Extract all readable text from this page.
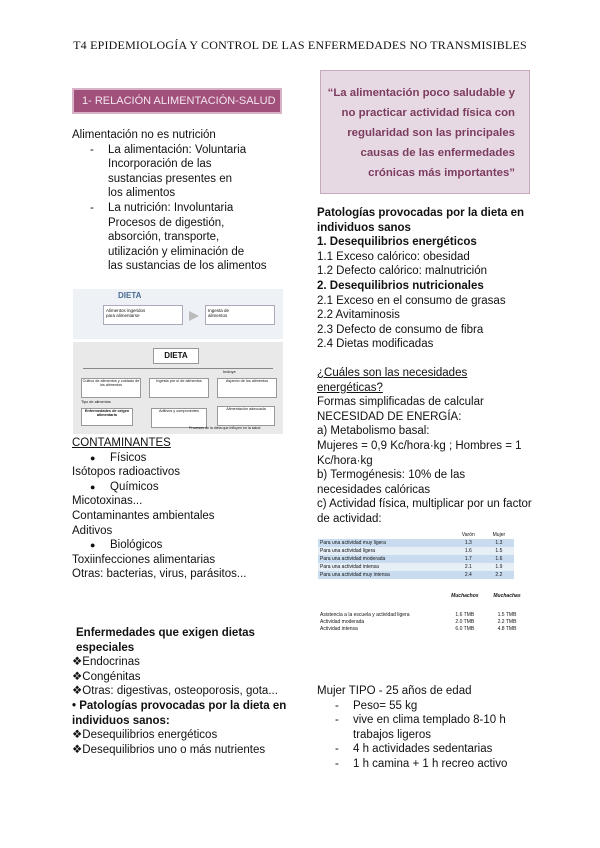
T4 EPIDEMIOLOGÍA Y CONTROL DE LAS ENFERMEDADES NO TRANSMISIBLES
1- RELACIÓN ALIMENTACIÓN-SALUD
Alimentación no es nutrición
- La alimentación: Voluntaria
Incorporación de las
sustancias presentes en
los alimentos
- La nutrición: Involuntaria
Procesos de digestión,
absorción, transporte,
utilización y eliminación de
las sustancias de los alimentos
DIETA
Alimentos ingeridos
para alimentarse
Ingesta de
alimentos
DIETA
Incluye
Cultivo de alimentos y cuidado de los alimentos
Ingesta por sí de alimentos	Aspecto de los alimentos
Tipo de alimentos
Enfermedades de origen alimentario
Aditivos y componentes	Alimentación adecuada
Procesos de la dieta que influyen en la salud
CONTAMINANTES
● Físicos
Isótopos radioactivos
● Químicos
Micotoxinas...
Contaminantes ambientales
Aditivos
● Biológicos
Toxiinfecciones alimentarias
Otras: bacterias, virus, parásitos...
Enfermedades que exigen dietas especiales
❖Endocrinas
❖Congénitas
❖Otras: digestivas, osteoporosis, gota...
• Patologías provocadas por la dieta en individuos sanos:
❖Desequilibrios energéticos
❖Desequilibrios uno o más nutrientes
“La alimentación poco saludable y no practicar actividad física con regularidad son las principales causas de las enfermedades crónicas más importantes”
Patologías provocadas por la dieta en individuos sanos
1. Desequilibrios energéticos
1.1 Exceso calórico: obesidad
1.2 Defecto calórico: malnutrición
2. Desequilibrios nutricionales
2.1 Exceso en el consumo de grasas
2.2 Avitaminosis
2.3 Defecto de consumo de fibra
2.4 Dietas modificadas
¿Cuáles son las necesidades energéticas?
Formas simplificadas de calcular
NECESIDAD DE ENERGÍA:
a) Metabolismo basal:
Mujeres = 0,9 Kc/hora·kg ; Hombres = 1 Kc/hora·kg
b) Termogénesis: 10% de las necesidades calóricas
c) Actividad física, multiplicar por un factor de actividad:
	Varón	Mujer
Para una actividad muy ligera	1.3	1.3
Para una actividad ligera	1.6	1.5
Para una actividad moderada	1.7	1.6
Para una actividad intensa	2.1	1.9
Para una actividad muy intensa	2.4	2.2
	Muchachos	Muchachas

Asistencia a la escuela y actividad ligera	1.6 TMB	1.5 TMB
Actividad moderada	2.0 TMB	2.2 TMB
Actividad intensa	6.0 TMB	4.8 TMB
Mujer TIPO - 25 años de edad
- Peso= 55 kg
- vive en clima templado 8-10 h
trabajos ligeros
- 4 h actividades sedentarias
- 1 h camina + 1 h recreo activo
